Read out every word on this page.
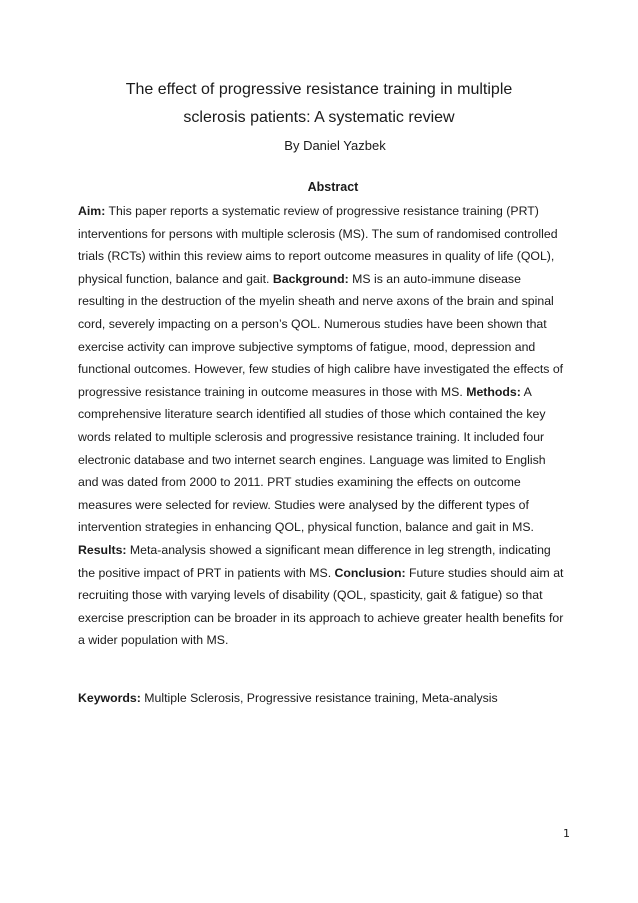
The effect of progressive resistance training in multiple
sclerosis patients: A systematic review
By Daniel Yazbek
Abstract

Aim: This paper reports a systematic review of progressive resistance training (PRT) interventions for persons with multiple sclerosis (MS). The sum of randomised controlled trials (RCTs) within this review aims to report outcome measures in quality of life (QOL), physical function, balance and gait. Background: MS is an auto-immune disease resulting in the destruction of the myelin sheath and nerve axons of the brain and spinal cord, severely impacting on a person’s QOL. Numerous studies have been shown that exercise activity can improve subjective symptoms of fatigue, mood, depression and functional outcomes. However, few studies of high calibre have investigated the effects of progressive resistance training in outcome measures in those with MS. Methods: A comprehensive literature search identified all studies of those which contained the key words related to multiple sclerosis and progressive resistance training. It included four electronic database and two internet search engines. Language was limited to English and was dated from 2000 to 2011. PRT studies examining the effects on outcome measures were selected for review. Studies were analysed by the different types of intervention strategies in enhancing QOL, physical function, balance and gait in MS. Results: Meta-analysis showed a significant mean difference in leg strength, indicating the positive impact of PRT in patients with MS. Conclusion: Future studies should aim at recruiting those with varying levels of disability (QOL, spasticity, gait & fatigue) so that exercise prescription can be broader in its approach to achieve greater health benefits for a wider population with MS.

Keywords: Multiple Sclerosis, Progressive resistance training, Meta-analysis

1
